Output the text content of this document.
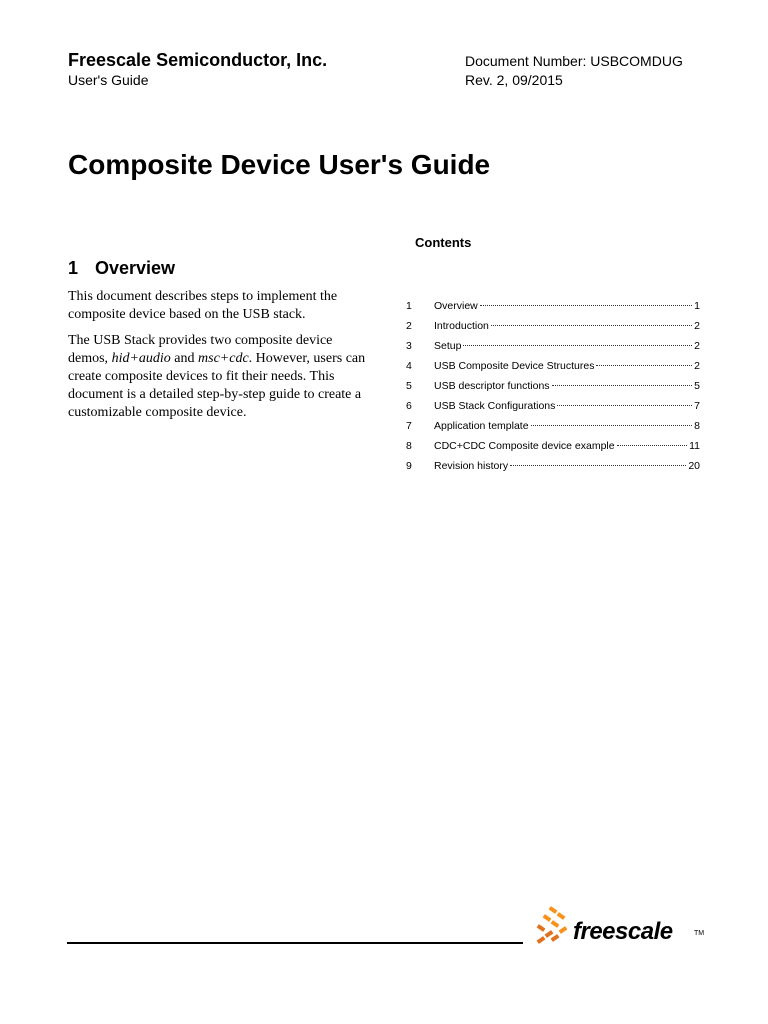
Freescale Semiconductor, Inc.
User's Guide
Document Number: USBCOMDUG
Rev. 2, 09/2015
Composite Device User's Guide
1 Overview

This document describes steps to implement the composite device based on the USB stack.

The USB Stack provides two composite device demos, hid+audio and msc+cdc. However, users can create composite devices to fit their needs. This document is a detailed step-by-step guide to create a customizable composite device.

Contents
1	Overview	1
2	Introduction	2
3	Setup	2
4	USB Composite Device Structures	2
5	USB descriptor functions	5
6	USB Stack Configurations	7
7	Application template	8
8	CDC+CDC Composite device example	11
9	Revision history	20
freescale	TM
